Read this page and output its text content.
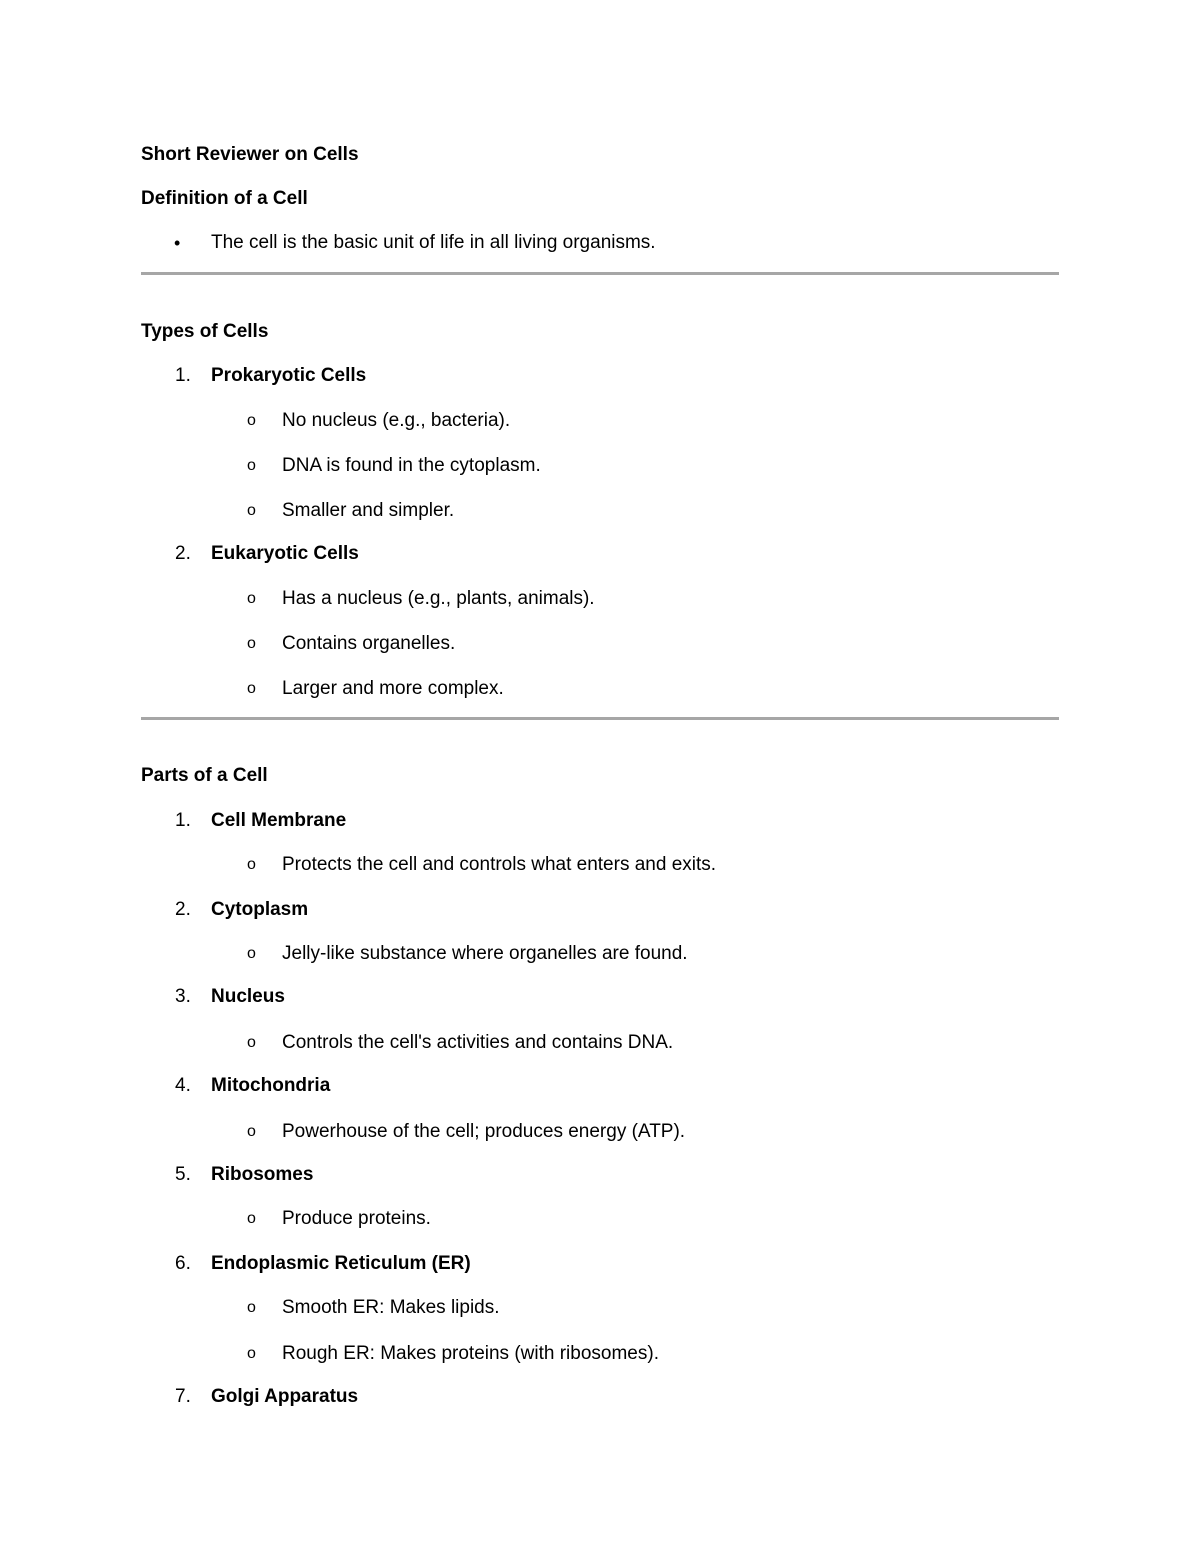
Short Reviewer on Cells
Definition of a Cell
• The cell is the basic unit of life in all living organisms.
Types of Cells
1. Prokaryotic Cells
o No nucleus (e.g., bacteria).
o DNA is found in the cytoplasm.
o Smaller and simpler.
2. Eukaryotic Cells
o Has a nucleus (e.g., plants, animals).
o Contains organelles.
o Larger and more complex.
Parts of a Cell
1. Cell Membrane
o Protects the cell and controls what enters and exits.
2. Cytoplasm
o Jelly-like substance where organelles are found.
3. Nucleus
o Controls the cell's activities and contains DNA.
4. Mitochondria
o Powerhouse of the cell; produces energy (ATP).
5. Ribosomes
o Produce proteins.
6. Endoplasmic Reticulum (ER)
o Smooth ER: Makes lipids.
o Rough ER: Makes proteins (with ribosomes).
7. Golgi Apparatus
